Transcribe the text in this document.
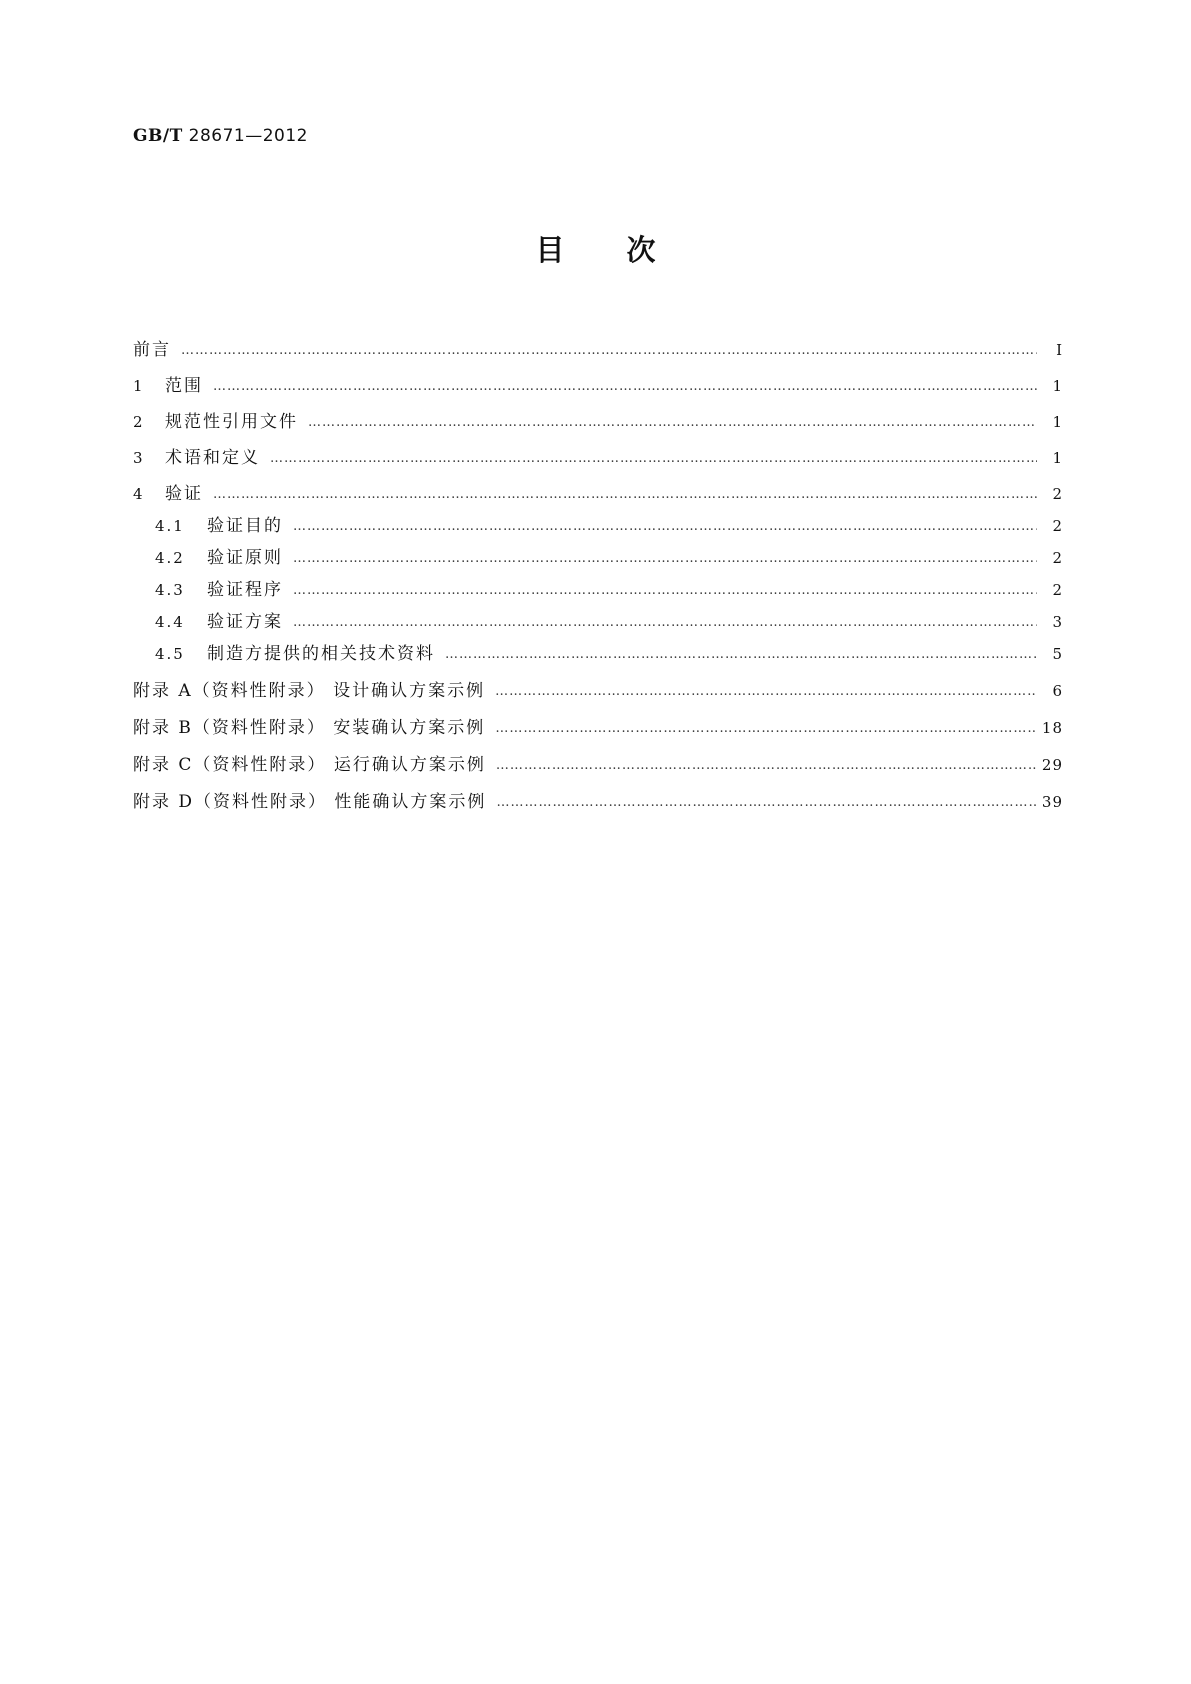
GB/T 28671—2012
目次
前言 ……………………………………………………………………………………………………………………………………………………………………………………………………	Ⅰ
1	范围 ……………………………………………………………………………………………………………………………………………………………………………………………………	1
2	规范性引用文件 ……………………………………………………………………………………………………………………………………………………………………………………………………	1
3	术语和定义 ……………………………………………………………………………………………………………………………………………………………………………………………………	1
4	验证 ……………………………………………………………………………………………………………………………………………………………………………………………………	2
4.1	验证目的 ……………………………………………………………………………………………………………………………………………………………………………………………………	2
4.2	验证原则 ……………………………………………………………………………………………………………………………………………………………………………………………………	2
4.3	验证程序 ……………………………………………………………………………………………………………………………………………………………………………………………………	2
4.4	验证方案 ……………………………………………………………………………………………………………………………………………………………………………………………………	3
4.5	制造方提供的相关技术资料 ……………………………………………………………………………………………………………………………………………………………………………………………………	5
附录 A（资料性附录） 设计确认方案示例 ……………………………………………………………………………………………………………………………………………………………………………………………………	6
附录 B（资料性附录） 安装确认方案示例 ……………………………………………………………………………………………………………………………………………………………………………………………………	18
附录 C（资料性附录） 运行确认方案示例 ……………………………………………………………………………………………………………………………………………………………………………………………………	29
附录 D（资料性附录） 性能确认方案示例 ……………………………………………………………………………………………………………………………………………………………………………………………………	39
